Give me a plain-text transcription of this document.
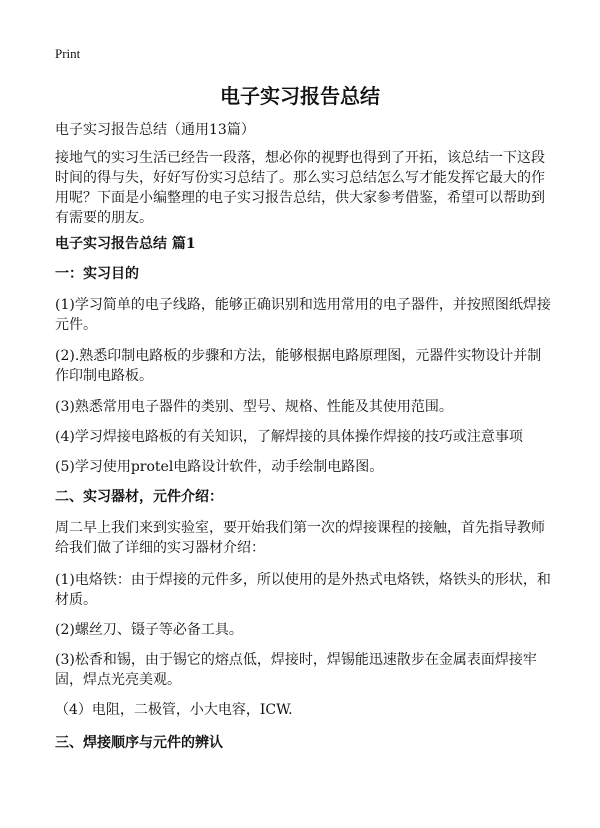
Print
电子实习报告总结
电子实习报告总结（通用13篇）
接地气的实习生活已经告一段落，想必你的视野也得到了开拓，该总结一下这段时间的得与失，好好写份实习总结了。那么实习总结怎么写才能发挥它最大的作用呢？下面是小编整理的电子实习报告总结，供大家参考借鉴，希望可以帮助到有需要的朋友。
电子实习报告总结 篇1
一：实习目的
(1)学习简单的电子线路，能够正确识别和选用常用的电子器件，并按照图纸焊接元件。
(2).熟悉印制电路板的步骤和方法，能够根据电路原理图，元器件实物设计并制作印制电路板。
(3)熟悉常用电子器件的类别、型号、规格、性能及其使用范围。
(4)学习焊接电路板的有关知识，了解焊接的具体操作焊接的技巧或注意事项
(5)学习使用protel电路设计软件，动手绘制电路图。
二、实习器材，元件介绍：
周二早上我们来到实验室，要开始我们第一次的焊接课程的接触，首先指导教师给我们做了详细的实习器材介绍：
(1)电烙铁：由于焊接的元件多，所以使用的是外热式电烙铁，烙铁头的形状，和材质。
(2)螺丝刀、镊子等必备工具。
(3)松香和锡，由于锡它的熔点低，焊接时，焊锡能迅速散步在金属表面焊接牢固，焊点光亮美观。
（4）电阻，二极管，小大电容，ICW.
三、焊接顺序与元件的辨认
